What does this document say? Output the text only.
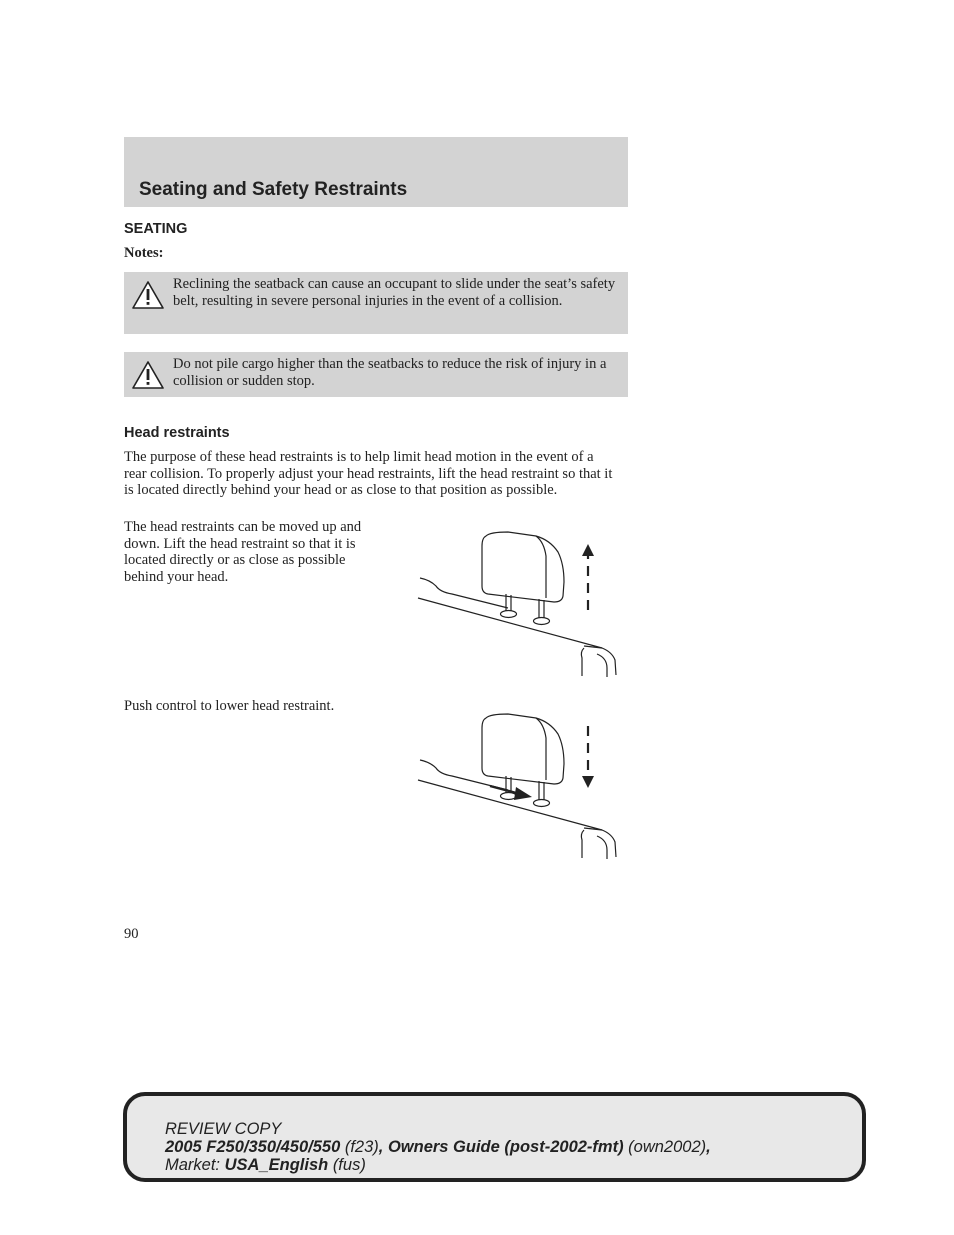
Seating and Safety Restraints
SEATING
Notes:
Reclining the seatback can cause an occupant to slide under the seat’s safety belt, resulting in severe personal injuries in the event of a collision.
Do not pile cargo higher than the seatbacks to reduce the risk of injury in a collision or sudden stop.
Head restraints
The purpose of these head restraints is to help limit head motion in the event of a rear collision. To properly adjust your head restraints, lift the head restraint so that it is located directly behind your head or as close to that position as possible.
The head restraints can be moved up and down. Lift the head restraint so that it is located directly or as close as possible behind your head.
Push control to lower head restraint.
90
REVIEW COPY
2005 F250/350/450/550 (f23), Owners Guide (post-2002-fmt) (own2002),
Market: USA_English (fus)
